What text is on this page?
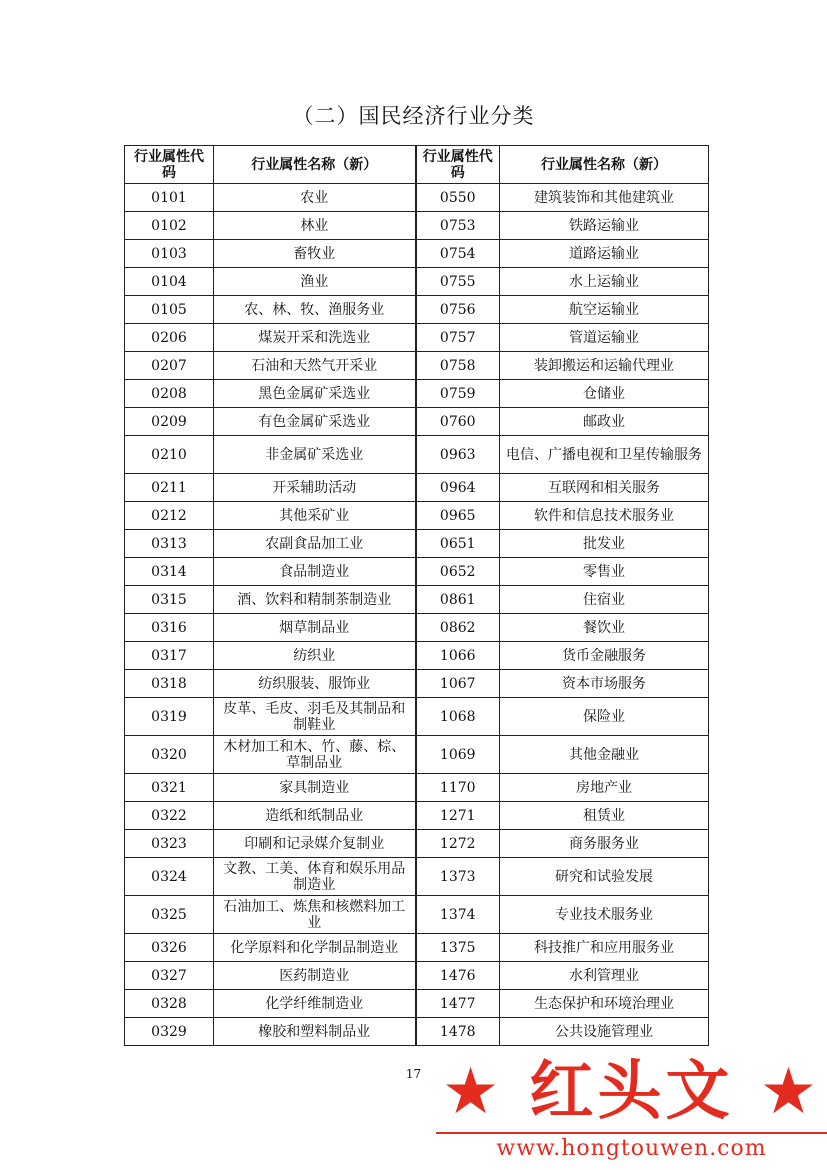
（二）国民经济行业分类
行业属性代码	行业属性名称（新）	行业属性代码	行业属性名称（新）
0101	农业	0550	建筑装饰和其他建筑业
0102	林业	0753	铁路运输业
0103	畜牧业	0754	道路运输业
0104	渔业	0755	水上运输业
0105	农、林、牧、渔服务业	0756	航空运输业
0206	煤炭开采和洗选业	0757	管道运输业
0207	石油和天然气开采业	0758	装卸搬运和运输代理业
0208	黑色金属矿采选业	0759	仓储业
0209	有色金属矿采选业	0760	邮政业
0210	非金属矿采选业	0963	电信、广播电视和卫星传输服务
0211	开采辅助活动	0964	互联网和相关服务
0212	其他采矿业	0965	软件和信息技术服务业
0313	农副食品加工业	0651	批发业
0314	食品制造业	0652	零售业
0315	酒、饮料和精制茶制造业	0861	住宿业
0316	烟草制品业	0862	餐饮业
0317	纺织业	1066	货币金融服务
0318	纺织服装、服饰业	1067	资本市场服务
0319	皮革、毛皮、羽毛及其制品和制鞋业	1068	保险业
0320	木材加工和木、竹、藤、棕、草制品业	1069	其他金融业
0321	家具制造业	1170	房地产业
0322	造纸和纸制品业	1271	租赁业
0323	印刷和记录媒介复制业	1272	商务服务业
0324	文教、工美、体育和娱乐用品制造业	1373	研究和试验发展
0325	石油加工、炼焦和核燃料加工业	1374	专业技术服务业
0326	化学原料和化学制品制造业	1375	科技推广和应用服务业
0327	医药制造业	1476	水利管理业
0328	化学纤维制造业	1477	生态保护和环境治理业
0329	橡胶和塑料制品业	1478	公共设施管理业
17 ★ 红头文 ★
www.hongtouwen.com
